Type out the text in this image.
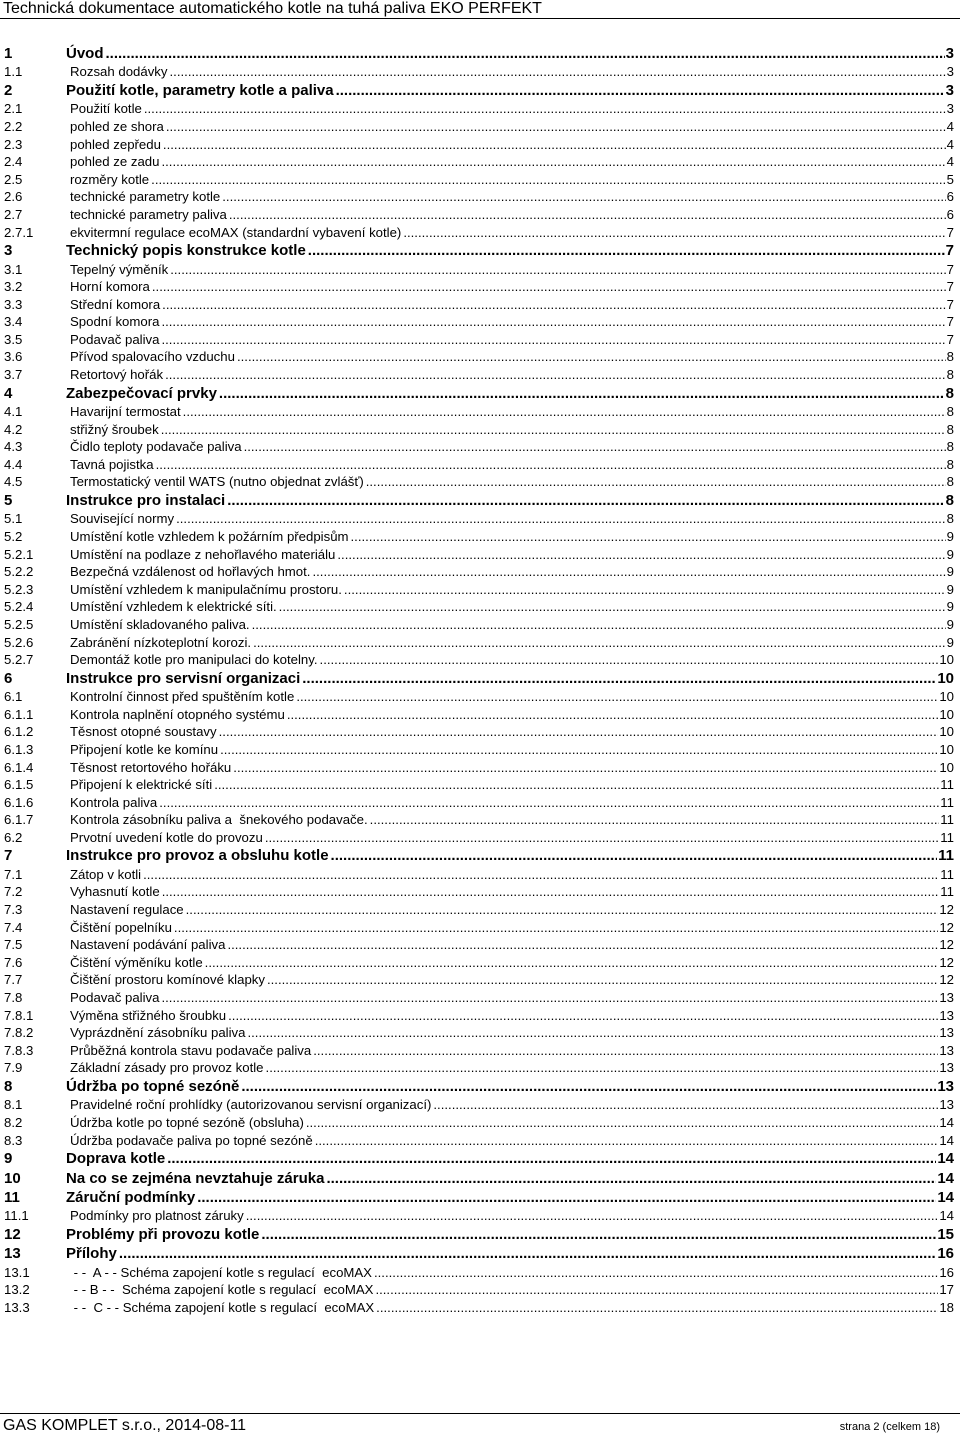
Technická dokumentace automatického kotle na tuhá paliva EKO PERFEKT
1	Úvod .....	3
1.1	Rozsah dodávky .....	3
2	Použití kotle, parametry kotle a paliva .....	3
2.1	Použití kotle .....	3
2.2	pohled ze shora .....	4
2.3	pohled zepředu .....	4
2.4	pohled ze zadu .....	4
2.5	rozměry kotle .....	5
2.6	technické parametry kotle .....	6
2.7	technické parametry paliva .....	6
2.7.1	ekvitermní regulace ecoMAX (standardní vybavení kotle) .....	7
3	Technický popis konstrukce kotle .....	7
3.1	Tepelný výměník .....	7
3.2	Horní komora .....	7
3.3	Střední komora .....	7
3.4	Spodní komora .....	7
3.5	Podavač paliva .....	7
3.6	Přívod spalovacího vzduchu .....	8
3.7	Retortový hořák .....	8
4	Zabezpečovací prvky .....	8
4.1	Havarijní termostat .....	8
4.2	střižný šroubek .....	8
4.3	Čidlo teploty podavače paliva .....	8
4.4	Tavná pojistka .....	8
4.5	Termostatický ventil WATS (nutno objednat zvlášť) .....	8
5	Instrukce pro instalaci .....	8
5.1	Související normy .....	8
5.2	Umístění kotle vzhledem k požárním předpisům .....	9
5.2.1	Umístění na podlaze z nehořlavého materiálu .....	9
5.2.2	Bezpečná vzdálenost od hořlavých hmot. .....	9
5.2.3	Umístění vzhledem k manipulačnímu prostoru. .....	9
5.2.4	Umístění vzhledem k elektrické síti. .....	9
5.2.5	Umístění skladovaného paliva. .....	9
5.2.6	Zabránění nízkoteplotní korozi. .....	9
5.2.7	Demontáž kotle pro manipulaci do kotelny. .....	10
6	Instrukce pro servisní organizaci .....	10
6.1	Kontrolní činnost před spuštěním kotle .....	10
6.1.1	Kontrola naplnění otopného systému .....	10
6.1.2	Těsnost otopné soustavy .....	10
6.1.3	Připojení kotle ke komínu .....	10
6.1.4	Těsnost retortového hořáku .....	10
6.1.5	Připojení k elektrické síti .....	11
6.1.6	Kontrola paliva .....	11
6.1.7	Kontrola zásobníku paliva a  šnekového podavače. .....	11
6.2	Prvotní uvedení kotle do provozu .....	11
7	Instrukce pro provoz a obsluhu kotle .....	11
7.1	Zátop v kotli .....	11
7.2	Vyhasnutí kotle .....	11
7.3	Nastavení regulace .....	12
7.4	Čištění popelníku .....	12
7.5	Nastavení podávání paliva .....	12
7.6	Čištění výměníku kotle .....	12
7.7	Čištění prostoru komínové klapky .....	12
7.8	Podavač paliva .....	13
7.8.1	Výměna střižného šroubku .....	13
7.8.2	Vyprázdnění zásobníku paliva .....	13
7.8.3	Průběžná kontrola stavu podavače paliva .....	13
7.9	Základní zásady pro provoz kotle .....	13
8	Údržba po topné sezóně .....	13
8.1	Pravidelné roční prohlídky (autorizovanou servisní organizací) .....	13
8.2	Údržba kotle po topné sezóně (obsluha) .....	14
8.3	Údržba podavače paliva po topné sezóně .....	14
9	Doprava kotle .....	14
10	Na co se zejména nevztahuje záruka .....	14
11	Záruční podmínky .....	14
11.1	Podmínky pro platnost záruky .....	14
12	Problémy při provozu kotle .....	15
13	Přílohy .....	16
13.1	- -  A - - Schéma zapojení kotle s regulací  ecoMAX .....	16
13.2	- - B - -  Schéma zapojení kotle s regulací  ecoMAX .....	17
13.3	- -  C - - Schéma zapojení kotle s regulací  ecoMAX .....	18
GAS KOMPLET s.r.o., 2014-08-11	strana 2 (celkem 18)
